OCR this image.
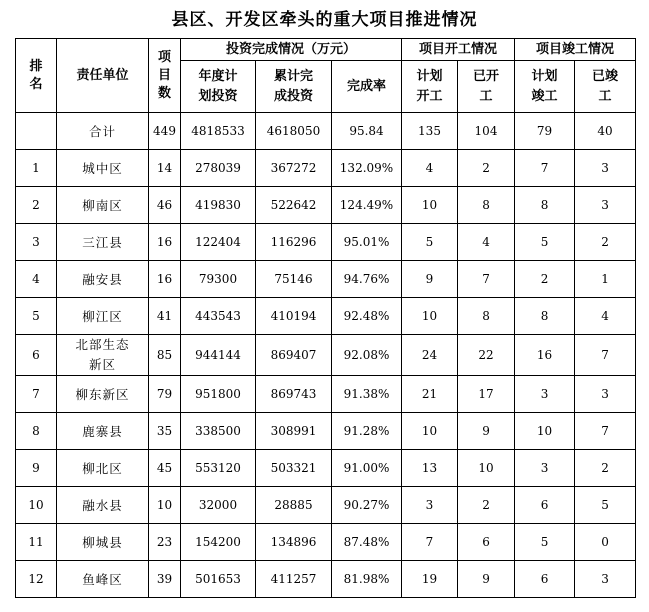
县区、开发区牵头的重大项目推进情况
排名	责任单位	项目数	投资完成情况（万元）			项目开工情况		项目竣工情况	
			年度计划投资	累计完成投资	完成率	计划开工	已开工	计划竣工	已竣工
	合计	449	4818533	4618050	95.84	135	104	79	40
1	城中区	14	278039	367272	132.09%	4	2	7	3
2	柳南区	46	419830	522642	124.49%	10	8	8	3
3	三江县	16	122404	116296	95.01%	5	4	5	2
4	融安县	16	79300	75146	94.76%	9	7	2	1
5	柳江区	41	443543	410194	92.48%	10	8	8	4
6	北部生态新区	85	944144	869407	92.08%	24	22	16	7
7	柳东新区	79	951800	869743	91.38%	21	17	3	3
8	鹿寨县	35	338500	308991	91.28%	10	9	10	7
9	柳北区	45	553120	503321	91.00%	13	10	3	2
10	融水县	10	32000	28885	90.27%	3	2	6	5
11	柳城县	23	154200	134896	87.48%	7	6	5	0
12	鱼峰区	39	501653	411257	81.98%	19	9	6	3
